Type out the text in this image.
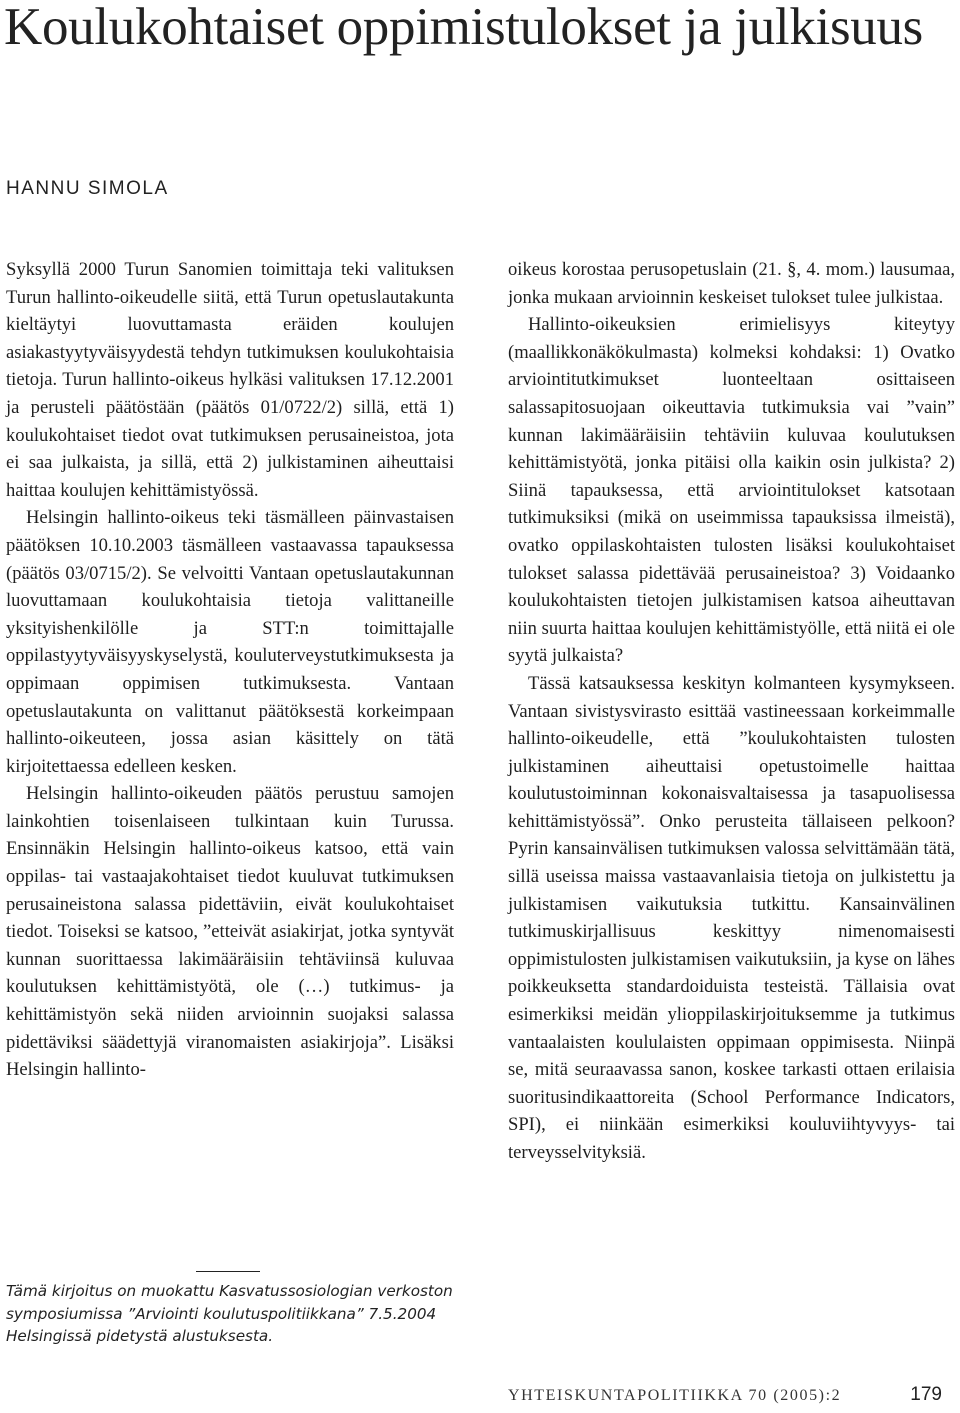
Koulukohtaiset oppimistulokset ja julkisuus
HANNU SIMOLA

Syksyllä 2000 Turun Sanomien toimittaja teki valituksen Turun hallinto-oikeudelle siitä, että Turun opetuslautakunta kieltäytyi luovuttamasta eräiden koulujen asiakastyytyväisyydestä tehdyn tutkimuksen koulukohtaisia tietoja. Turun hallinto-oikeus hylkäsi valituksen 17.12.2001 ja perusteli päätöstään (päätös 01/0722/2) sillä, että 1) koulukohtaiset tiedot ovat tutkimuksen perusaineistoa, jota ei saa julkaista, ja sillä, että 2) julkistaminen aiheuttaisi haittaa koulujen kehittämistyössä.

Helsingin hallinto-oikeus teki täsmälleen päinvastaisen päätöksen 10.10.2003 täsmälleen vastaavassa tapauksessa (päätös 03/0715/2). Se velvoitti Vantaan opetuslautakunnan luovuttamaan koulukohtaisia tietoja valittaneille yksityishenkilölle ja STT:n toimittajalle oppilastyytyväisyyskyselystä, kouluterveystutkimuksesta ja oppimaan oppimisen tutkimuksesta. Vantaan opetuslautakunta on valittanut päätöksestä korkeimpaan hallinto-oikeuteen, jossa asian käsittely on tätä kirjoitettaessa edelleen kesken.

Helsingin hallinto-oikeuden päätös perustuu samojen lainkohtien toisenlaiseen tulkintaan kuin Turussa. Ensinnäkin Helsingin hallinto-oikeus katsoo, että vain oppilas- tai vastaajakohtaiset tiedot kuuluvat tutkimuksen perusaineistona salassa pidettäviin, eivät koulukohtaiset tiedot. Toiseksi se katsoo, ”etteivät asiakirjat, jotka syntyvät kunnan suorittaessa lakimääräisiin tehtäviinsä kuluvaa koulutuksen kehittämistyötä, ole (…) tutkimus- ja kehittämistyön sekä niiden arvioinnin suojaksi salassa pidettäviksi säädettyjä viranomaisten asiakirjoja”. Lisäksi Helsingin hallinto-

oikeus korostaa perusopetuslain (21. §, 4. mom.) lausumaa, jonka mukaan arvioinnin keskeiset tulokset tulee julkistaa.

Hallinto-oikeuksien erimielisyys kiteytyy (maallikkonäkökulmasta) kolmeksi kohdaksi: 1) Ovatko arviointitutkimukset luonteeltaan osittaiseen salassapitosuojaan oikeuttavia tutkimuksia vai ”vain” kunnan lakimääräisiin tehtäviin kuluvaa koulutuksen kehittämistyötä, jonka pitäisi olla kaikin osin julkista? 2) Siinä tapauksessa, että arviointitulokset katsotaan tutkimuksiksi (mikä on useimmissa tapauksissa ilmeistä), ovatko oppilaskohtaisten tulosten lisäksi koulukohtaiset tulokset salassa pidettävää perusaineistoa? 3) Voidaanko koulukohtaisten tietojen julkistamisen katsoa aiheuttavan niin suurta haittaa koulujen kehittämistyölle, että niitä ei ole syytä julkaista?

Tässä katsauksessa keskityn kolmanteen kysymykseen. Vantaan sivistysvirasto esittää vastineessaan korkeimmalle hallinto-oikeudelle, että ”koulukohtaisten tulosten julkistaminen aiheuttaisi opetustoimelle haittaa koulutustoiminnan kokonaisvaltaisessa ja tasapuolisessa kehittämistyössä”. Onko perusteita tällaiseen pelkoon? Pyrin kansainvälisen tutkimuksen valossa selvittämään tätä, sillä useissa maissa vastaavanlaisia tietoja on julkistettu ja julkistamisen vaikutuksia tutkittu. Kansainvälinen tutkimuskirjallisuus keskittyy nimenomaisesti oppimistulosten julkistamisen vaikutuksiin, ja kyse on lähes poikkeuksetta standardoiduista testeistä. Tällaisia ovat esimerkiksi meidän ylioppilaskirjoituksemme ja tutkimus vantaalaisten koululaisten oppimaan oppimisesta. Niinpä se, mitä seuraavassa sanon, koskee tarkasti ottaen erilaisia suoritusindikaattoreita (School Performance Indicators, SPI), ei niinkään esimerkiksi kouluviihtyvyys- tai terveysselvityksiä.

Tämä kirjoitus on muokattu Kasvatussosiologian verkoston symposiumissa ”Arviointi koulutuspolitiikkana” 7.5.2004 Helsingissä pidetystä alustuksesta.
YHTEISKUNTAPOLITIIKKA 70 (2005):2	179
